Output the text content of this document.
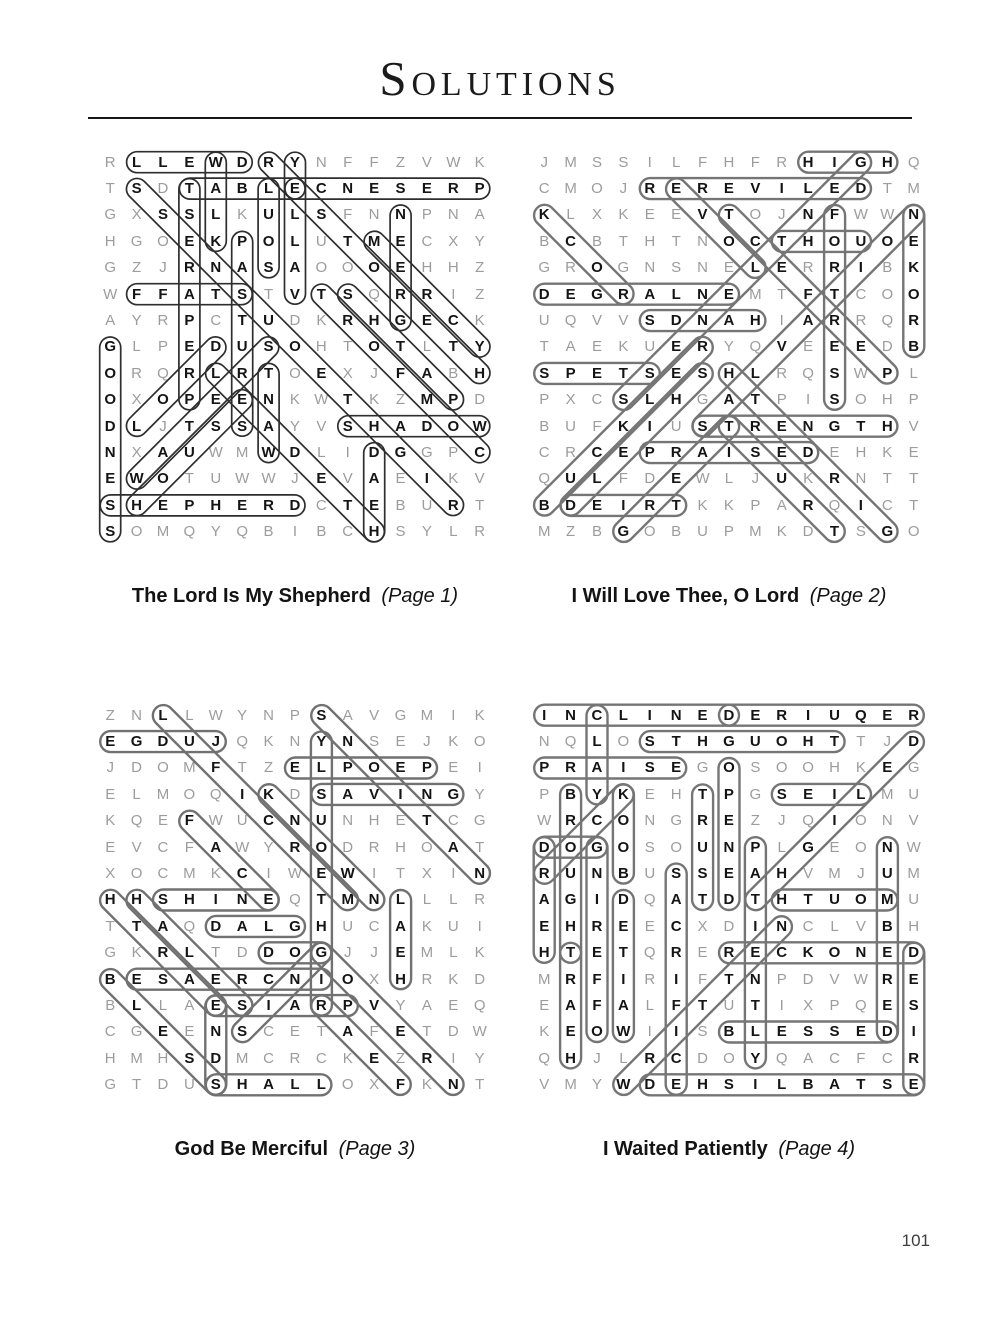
Solutions
R	L	L	E W D	R	Y	N	F	F	Z	V W K
T	S	D	T	A	B	L	E	C	N	E	S	E	R	P
G	X	S	S	L	K	U	L	S	F	N	N	P	N	A
H	G O	E	K	P	O	L	U	T	M	E	C	X	Y
G	Z	J	R	N	A	S	A	O O O	E	H	H	Z
W F	F	A	T	S	T	V	T	S	Q	R	R	I	Z
A	Y	R	P	C	T	U	D	K	R	H	G	E	C	K
G	L	P	E	D	U	S	O	H	T	O	T	L	T	Y
O	R	Q	R	L	R	T	O	E	X	J	F	A	B	H
O	X	O	P	E	E	N	K W T	K	Z	M	P	D
D	L	J	T	S	S	A	Y	V	S	H	A	D	O W
N	X	A	U W M W D	L	I	D	G G	P	C
E W O	T	U W W	J	E	V	A	E	I	K	V
S	H	E	P	H	E	R	D	C	T	E	B	U	R	T
S	O M Q	Y	Q	B	I	B	C	H	S	Y	L	R
The Lord Is My Shepherd (Page 1)
J	M	S	S	I	L	F	H	F	R	H	I	G	H	Q
C M O	J	R	E	R	E	V	I	L	E	D	T	M
K	L	X	K	E	E	V	T	O	J	N	F W W N
B	C	B	T	H	T	N	O	C	T	H	O	U	O	E
G	R	O G	N	S	N	E	L	E	R	R	I	B	K
D	E	G	R	A	L	N	E	M	T	F	T	C	O O
U	Q	V	V	S	D	N	A	H	I	A	R	R	Q	R
T	A	E	K	U	E	R	Y	Q	V	E	E	E	D	B
S	P	E	T	S	E	S	H	L	R	Q	S W P	L
P	X	C	S	L	H	G	A	T	P	I	S	O	H	P
B	U	F	K	I	U	S	T	R	E	N	G	T	H	V
C	R	C	E	P	R	A	I	S	E	D	E	H	K	E
Q	U	L	F	D	E W	L	J	U	K	R	N	T	T
B	D	E	I	R	T	K	K	P	A	R	Q	I	C	T
M	Z	B	G O	B	U	P	M	K	D	T	S	G O
I Will Love Thee, O Lord (Page 2)
Z	N	L	L	W Y	N	P	S	A	V	G M	I	K
E	G	D	U	J	Q	K	N	Y	N	S	E	J	K	O
J	D	O M	F	T	Z	E	L	P	O	E	P	E	I
E	L	M O Q	I	K	D	S	A	V	I	N	G	Y
K	Q	E	F W U	C	N	U	N	H	E	T	C	G
E	V	C	F	A W Y	R	O	D	R	H	O	A	T
X	O	C M	K	C	I	W E W	I	T	X	I	N
H	H	S	H	I	N	E	Q	T	M N	L	L	L	R
T	T	A	Q	D	A	L	G	H	U	C	A	K	U	I
G	K	R	L	T	D	D	O G	J	J	E	M	L	K
B	E	S	A	E	R	C	N	I	O	X	H	R	K	D
B	L	L	A	E	S	I	A	R	P	V	Y	A	E	Q
C	G	E	E	N	S	C	E	T	A	F	E	T	D W
H M H	S	D M C	R	C	K	E	Z	R	I	Y
G	T	D	U	S	H	A	L	L	O	X	F	K	N	T
God Be Merciful (Page 3)
I	N	C	L	I	N	E	D	E	R	I	U	Q	E	R
N	Q	L	O	S	T	H	G	U	O	H	T	T	J	D
P	R	A	I	S	E	G O	S	O O	H	K	E	G
P	B	Y	K	E	H	T	P	G	S	E	I	L	M U
W R	C	O	N	G	R	E	Z	J	Q	I	O	N	V
D	O G O	S	O	U	N	P	L	G	E	O	N W
R	U	N	B	U	S	S	E	A	H	V	M	J	U M
A	G	I	D	Q	A	T	D	T	H	T	U	O M U
E	H	R	E	E	C	X	D	I	N	C	L	V	B	H
H	T	E	T	Q	R	E	R	E	C	K	O	N	E	D
M R	F	I	R	I	F	T	N	P	D	V W R	E
E	A	F	A	L	F	T	U	T	I	X	P	Q	E	S
K	E	O W	I	I	S	B	L	E	S	S	E	D	I
Q	H	J	L	R	C	D	O	Y	Q	A	C	F	C	R
V	M	Y W D	E	H	S	I	L	B	A	T	S	E
I Waited Patiently (Page 4)
101
